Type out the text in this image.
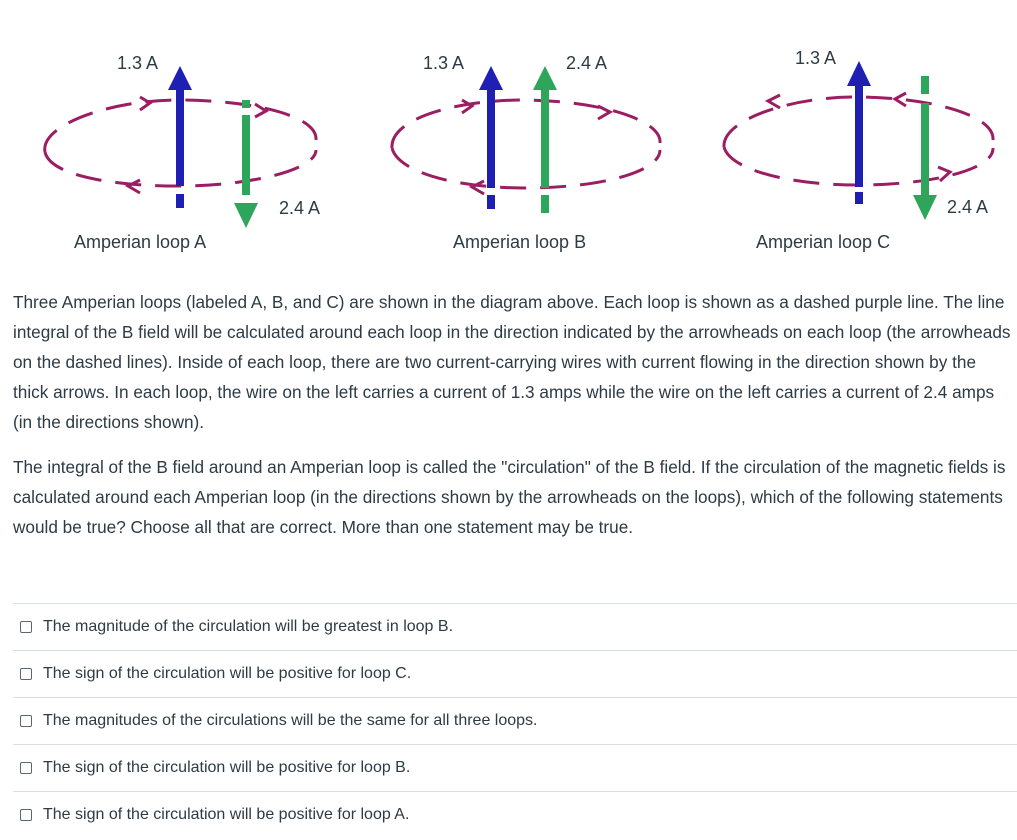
1.3 A
2.4 A
Amperian loop A
1.3 A	2.4 A
Amperian loop B
1.3 A
2.4 A
Amperian loop C

Three Amperian loops (labeled A, B, and C) are shown in the diagram above. Each loop is shown as a dashed purple line. The line integral of the B field will be calculated around each loop in the direction indicated by the arrowheads on each loop (the arrowheads on the dashed lines). Inside of each loop, there are two current-carrying wires with current flowing in the direction shown by the thick arrows. In each loop, the wire on the left carries a current of 1.3 amps while the wire on the left carries a current of 2.4 amps (in the directions shown).

The integral of the B field around an Amperian loop is called the "circulation" of the B field. If the circulation of the magnetic fields is calculated around each Amperian loop (in the directions shown by the arrowheads on the loops), which of the following statements would be true? Choose all that are correct. More than one statement may be true.

The magnitude of the circulation will be greatest in loop B.
The sign of the circulation will be positive for loop C.
The magnitudes of the circulations will be the same for all three loops.
The sign of the circulation will be positive for loop B.
The sign of the circulation will be positive for loop A.
